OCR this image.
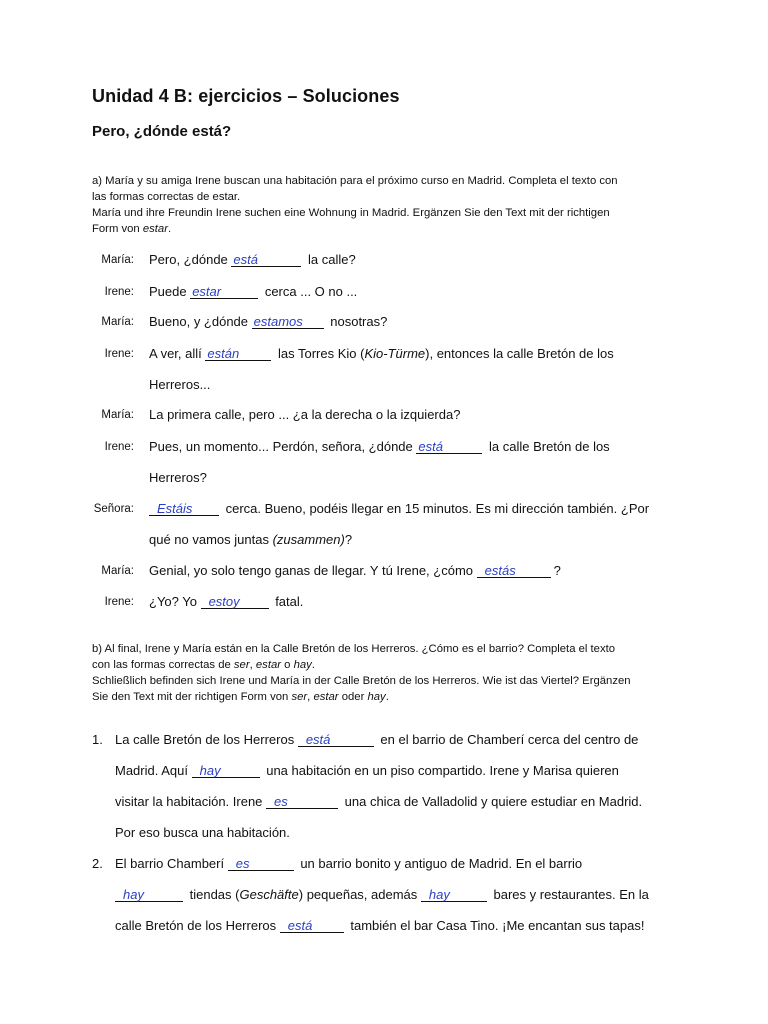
Unidad 4 B: ejercicios – Soluciones
Pero, ¿dónde está?

a) María y su amiga Irene buscan una habitación para el próximo curso en Madrid. Completa el texto con

las formas correctas de estar.

María und ihre Freundin Irene suchen eine Wohnung in Madrid. Ergänzen Sie den Text mit der richtigen

Form von estar.

María: Pero, ¿dónde está	la calle?
Irene: Puede estar	cerca ... O no ...
María: Bueno, y ¿dónde estamos nosotras?
Irene: A ver, allí están	las Torres Kio (Kio-Türme), entonces la calle Bretón de los
Herreros...
María: La primera calle, pero ... ¿a la derecha o la izquierda?
Irene: Pues, un momento... Perdón, señora, ¿dónde está	la calle Bretón de los
Herreros?
Señora:	Estáis cerca. Bueno, podéis llegar en 15 minutos. Es mi dirección también. ¿Por
qué no vamos juntas (zusammen)?
María: Genial, yo solo tengo ganas de llegar. Y tú Irene, ¿cómo estás	?
Irene: ¿Yo? Yo estoy fatal.

b) Al final, Irene y María están en la Calle Bretón de los Herreros. ¿Cómo es el barrio? Completa el texto

con las formas correctas de ser, estar o hay.

Schließlich befinden sich Irene und María in der Calle Bretón de los Herreros. Wie ist das Viertel? Ergänzen

Sie den Text mit der richtigen Form von ser, estar oder hay.

1. La calle Bretón de los Herreros está	en el barrio de Chamberí cerca del centro de
Madrid. Aquí hay	una habitación en un piso compartido. Irene y Marisa quieren
visitar la habitación. Irene es	una chica de Valladolid y quiere estudiar en Madrid.
Por eso busca una habitación.
2. El barrio Chamberí es	un barrio bonito y antiguo de Madrid. En el barrio
hay	tiendas (Geschäfte) pequeñas, además hay	bares y restaurantes. En la
calle Bretón de los Herreros está	también el bar Casa Tino. ¡Me encantan sus tapas!
